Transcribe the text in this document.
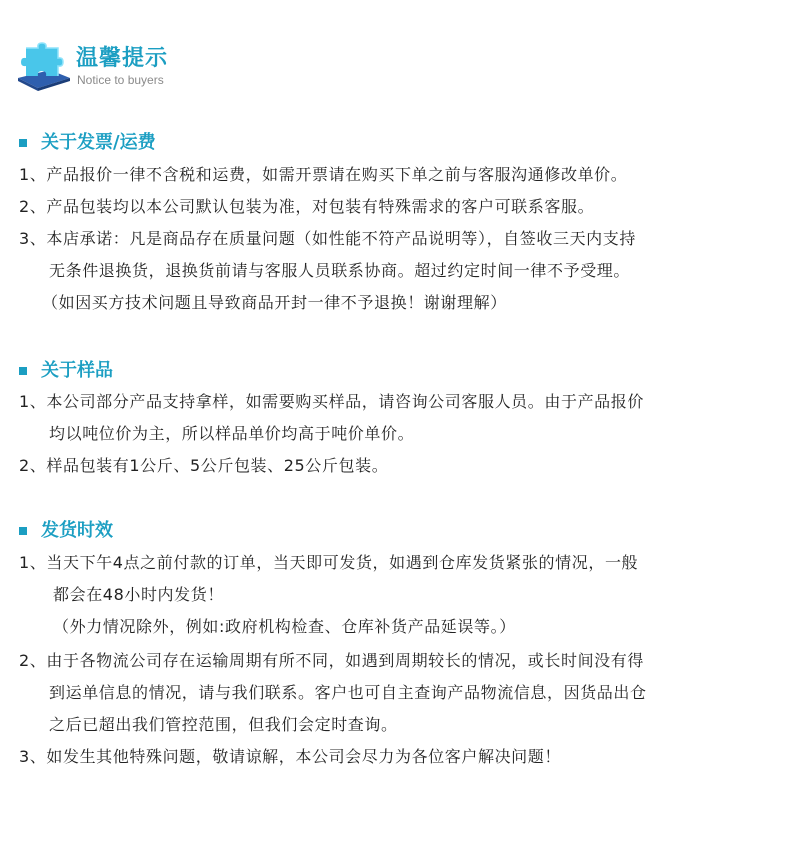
温馨提示
Notice to buyers
关于发票/运费
1、产品报价一律不含税和运费，如需开票请在购买下单之前与客服沟通修改单价。
2、产品包装均以本公司默认包装为准，对包装有特殊需求的客户可联系客服。
3、本店承诺：凡是商品存在质量问题（如性能不符产品说明等），自签收三天内支持
无条件退换货，退换货前请与客服人员联系协商。超过约定时间一律不予受理。
（如因买方技术问题且导致商品开封一律不予退换！谢谢理解）
关于样品
1、本公司部分产品支持拿样，如需要购买样品，请咨询公司客服人员。由于产品报价
均以吨位价为主，所以样品单价均高于吨价单价。
2、样品包装有1公斤、5公斤包装、25公斤包装。
发货时效
1、当天下午4点之前付款的订单，当天即可发货，如遇到仓库发货紧张的情况，一般
都会在48小时内发货！
（外力情况除外，例如:政府机构检查、仓库补货产品延误等。）
2、由于各物流公司存在运输周期有所不同，如遇到周期较长的情况，或长时间没有得
到运单信息的情况，请与我们联系。客户也可自主查询产品物流信息，因货品出仓
之后已超出我们管控范围，但我们会定时查询。
3、如发生其他特殊问题，敬请谅解，本公司会尽力为各位客户解决问题！
